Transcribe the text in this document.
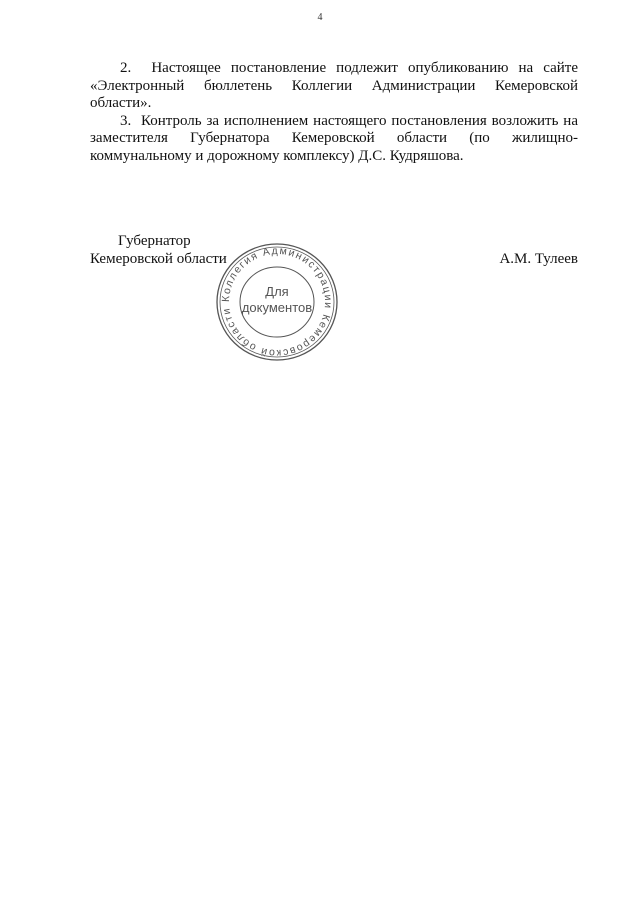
4

2.  Настоящее постановление подлежит опубликованию на сайте «Электронный бюллетень Коллегии Администрации Кемеровской области».

3.  Контроль за исполнением настоящего постановления возложить на заместителя Губернатора Кемеровской области (по жилищно-коммунальному и дорожному комплексу) Д.С. Кудряшова.

Губернатор
Кемеровской области	А.М. Тулеев
Коллегия Администрации Кемеровской области
Для
документов
